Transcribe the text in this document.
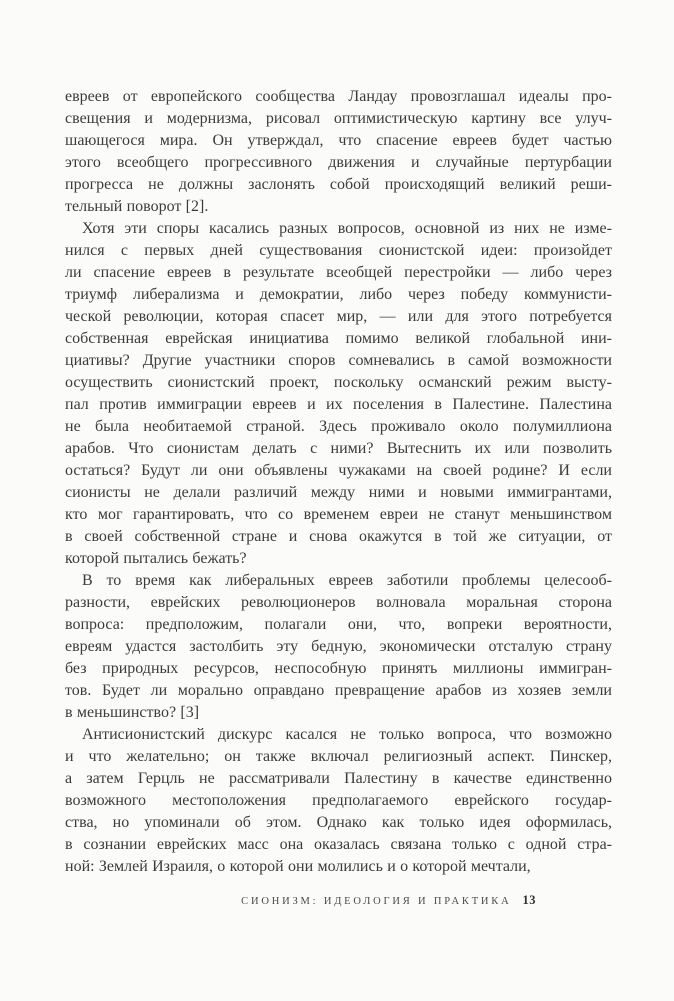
евреев от европейского сообщества Ландау провозглашал идеалы про-
свещения и модернизма, рисовал оптимистическую картину все улуч-
шающегося мира. Он утверждал, что спасение евреев будет частью
этого всеобщего прогрессивного движения и случайные пертурбации
прогресса не должны заслонять собой происходящий великий реши-
тельный поворот [2].
Хотя эти споры касались разных вопросов, основной из них не изме-
нился с первых дней существования сионистской идеи: произойдет
ли спасение евреев в результате всеобщей перестройки — либо через
триумф либерализма и демократии, либо через победу коммунисти-
ческой революции, которая спасет мир, — или для этого потребуется
собственная еврейская инициатива помимо великой глобальной ини-
циативы? Другие участники споров сомневались в самой возможности
осуществить сионистский проект, поскольку османский режим высту-
пал против иммиграции евреев и их поселения в Палестине. Палестина
не была необитаемой страной. Здесь проживало около полумиллиона
арабов. Что сионистам делать с ними? Вытеснить их или позволить
остаться? Будут ли они объявлены чужаками на своей родине? И если
сионисты не делали различий между ними и новыми иммигрантами,
кто мог гарантировать, что со временем евреи не станут меньшинством
в своей собственной стране и снова окажутся в той же ситуации, от
которой пытались бежать?
В то время как либеральных евреев заботили проблемы целесооб-
разности, еврейских революционеров волновала моральная сторона
вопроса: предположим, полагали они, что, вопреки вероятности,
евреям удастся застолбить эту бедную, экономически отсталую страну
без природных ресурсов, неспособную принять миллионы иммигран-
тов. Будет ли морально оправдано превращение арабов из хозяев земли
в меньшинство? [3]
Антисионистский дискурс касался не только вопроса, что возможно
и что желательно; он также включал религиозный аспект. Пинскер,
а затем Герцль не рассматривали Палестину в качестве единственно
возможного местоположения предполагаемого еврейского государ-
ства, но упоминали об этом. Однако как только идея оформилась,
в сознании еврейских масс она оказалась связана только с одной стра-
ной: Землей Израиля, о которой они молились и о которой мечтали,
СИОНИЗМ: ИДЕОЛОГИЯ И ПРАКТИКА 13
